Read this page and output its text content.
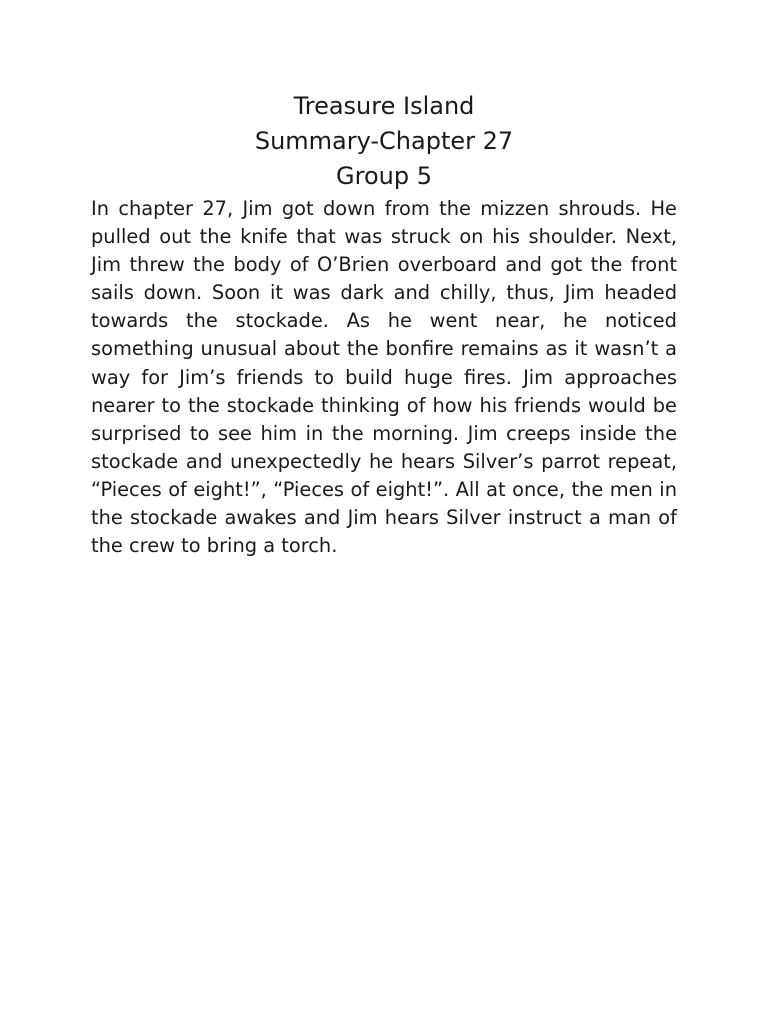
Treasure Island
Summary-Chapter 27
Group 5

In chapter 27, Jim got down from the mizzen shrouds. He pulled out the knife that was struck on his shoulder. Next, Jim threw the body of O’Brien overboard and got the front sails down. Soon it was dark and chilly, thus, Jim headed towards the stockade. As he went near, he noticed something unusual about the bonfire remains as it wasn’t a way for Jim’s friends to build huge fires. Jim approaches nearer to the stockade thinking of how his friends would be surprised to see him in the morning. Jim creeps inside the stockade and unexpectedly he hears Silver’s parrot repeat, “Pieces of eight!”, “Pieces of eight!”. All at once, the men in the stockade awakes and Jim hears Silver instruct a man of the crew to bring a torch.
